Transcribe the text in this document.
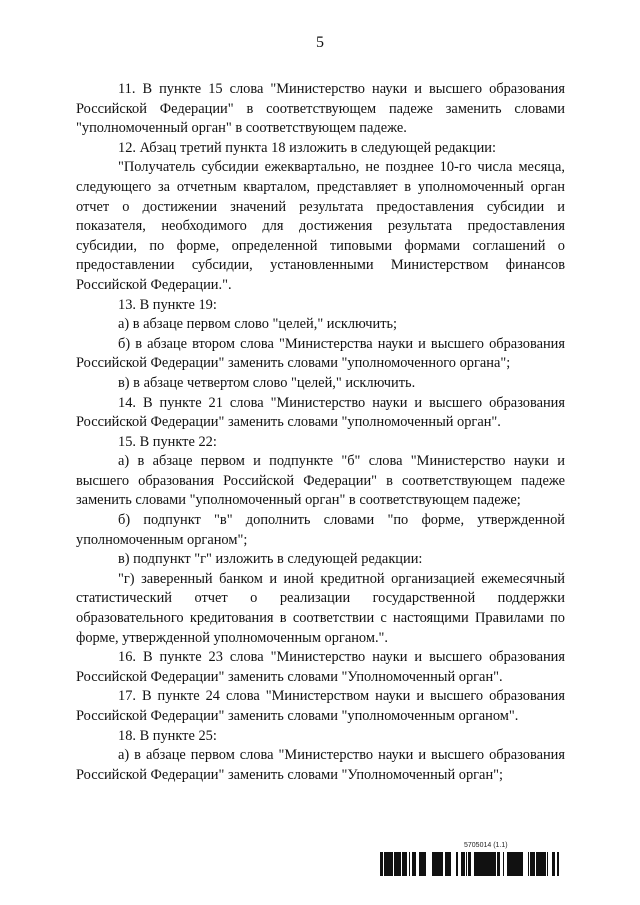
5

11. В пункте 15 слова "Министерство науки и высшего образования Российской Федерации" в соответствующем падеже заменить словами "уполномоченный орган" в соответствующем падеже.

12. Абзац третий пункта 18 изложить в следующей редакции:

"Получатель субсидии ежеквартально, не позднее 10-го числа месяца, следующего за отчетным кварталом, представляет в уполномоченный орган отчет о достижении значений результата предоставления субсидии и показателя, необходимого для достижения результата предоставления субсидии, по форме, определенной типовыми формами соглашений о предоставлении субсидии, установленными Министерством финансов Российской Федерации.".

13. В пункте 19:

а) в абзаце первом слово "целей," исключить;

б) в абзаце втором слова "Министерства науки и высшего образования Российской Федерации" заменить словами "уполномоченного органа";

в) в абзаце четвертом слово "целей," исключить.

14. В пункте 21 слова "Министерство науки и высшего образования Российской Федерации" заменить словами "уполномоченный орган".

15. В пункте 22:

а) в абзаце первом и подпункте "б" слова "Министерство науки и высшего образования Российской Федерации" в соответствующем падеже заменить словами "уполномоченный орган" в соответствующем падеже;

б) подпункт "в" дополнить словами "по форме, утвержденной уполномоченным органом";

в) подпункт "г" изложить в следующей редакции:

"г) заверенный банком и иной кредитной организацией ежемесячный статистический отчет о реализации государственной поддержки образовательного кредитования в соответствии с настоящими Правилами по форме, утвержденной уполномоченным органом.".

16. В пункте 23 слова "Министерство науки и высшего образования Российской Федерации" заменить словами "Уполномоченный орган".

17. В пункте 24 слова "Министерством науки и высшего образования Российской Федерации" заменить словами "уполномоченным органом".

18. В пункте 25:

а) в абзаце первом слова "Министерство науки и высшего образования Российской Федерации" заменить словами "Уполномоченный орган";

5705014 (1.1)
